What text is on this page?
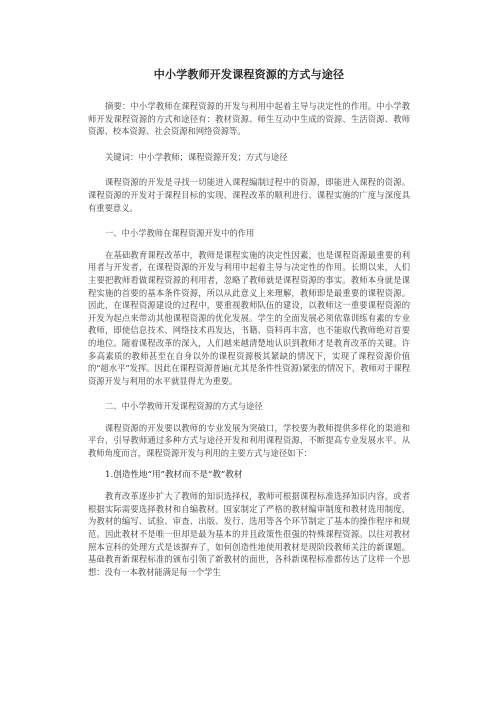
中小学教师开发课程资源的方式与途径

摘要：中小学教师在课程资源的开发与利用中起着主导与决定性的作用。中小学教师开发课程资源的方式和途径有：教材资源、师生互动中生成的资源、生活资源、教师资源、校本资源、社会资源和网络资源等。

关键词：中小学教师；课程资源开发；方式与途径

课程资源的开发是寻找一切能进入课程编制过程中的资源，即能进入课程的资源。课程资源的开发对于课程目标的实现、课程改革的顺利进行、课程实施的广度与深度具有重要意义。

一、中小学教师在课程资源开发中的作用

在基础教育课程改革中，教师是课程实施的决定性因素，也是课程资源最重要的利用者与开发者，在课程资源的开发与利用中起着主导与决定性的作用。长期以来，人们主要把教师看做课程资源的利用者，忽略了教师就是课程资源的事实。教师本身就是课程实施的首要的基本条件资源，所以从此意义上来理解，教师即是最重要的课程资源。因此，在课程资源建设的过程中，要重视教师队伍的建设，以教师这一重要课程资源的开发为起点来带动其他课程资源的优化发展。学生的全面发展必须依靠训练有素的专业教师，即使信息技术、网络技术再发达，书籍、资料再丰富，也不能取代教师绝对首要的地位。随着课程改革的深入，人们越来越清楚地认识到教师才是教育改革的关键。许多高素质的教师甚至在自身以外的课程资源极其紧缺的情况下，实现了课程资源价值的“超水平”发挥。因此在课程资源普遍(尤其是条件性资源)紧张的情况下，教师对于课程资源开发与利用的水平就显得尤为重要。

二、中小学教师开发课程资源的方式与途径

课程资源的开发要以教师的专业发展为突破口，学校要为教师提供多样化的渠道和平台，引导教师通过多种方式与途径开发和利用课程资源，不断提高专业发展水平。从教师角度而言，课程资源开发与利用的主要方式与途径如下：

1.创造性地“用”教材而不是“教”教材

教育改革逐步扩大了教师的知识选择权，教师可根据课程标准选择知识内容，或者根据实际需要选择教材和自编教材。国家制定了严格的教材编审制度和教材选用制度，为教材的编写、试验、审查、出版、发行、选用等各个环节制定了基本的操作程序和规范。因此教材不是唯一但却是最为基本的并且政策性很强的特殊课程资源。以往对教材照本宣科的处理方式是该摒弃了，如何创造性地使用教材是现阶段教师关注的新课题。基础教育新课程标准的颁布引领了新教材的面世，各科新课程标准都传达了这样一个思想：没有一本教材能满足每一个学生
